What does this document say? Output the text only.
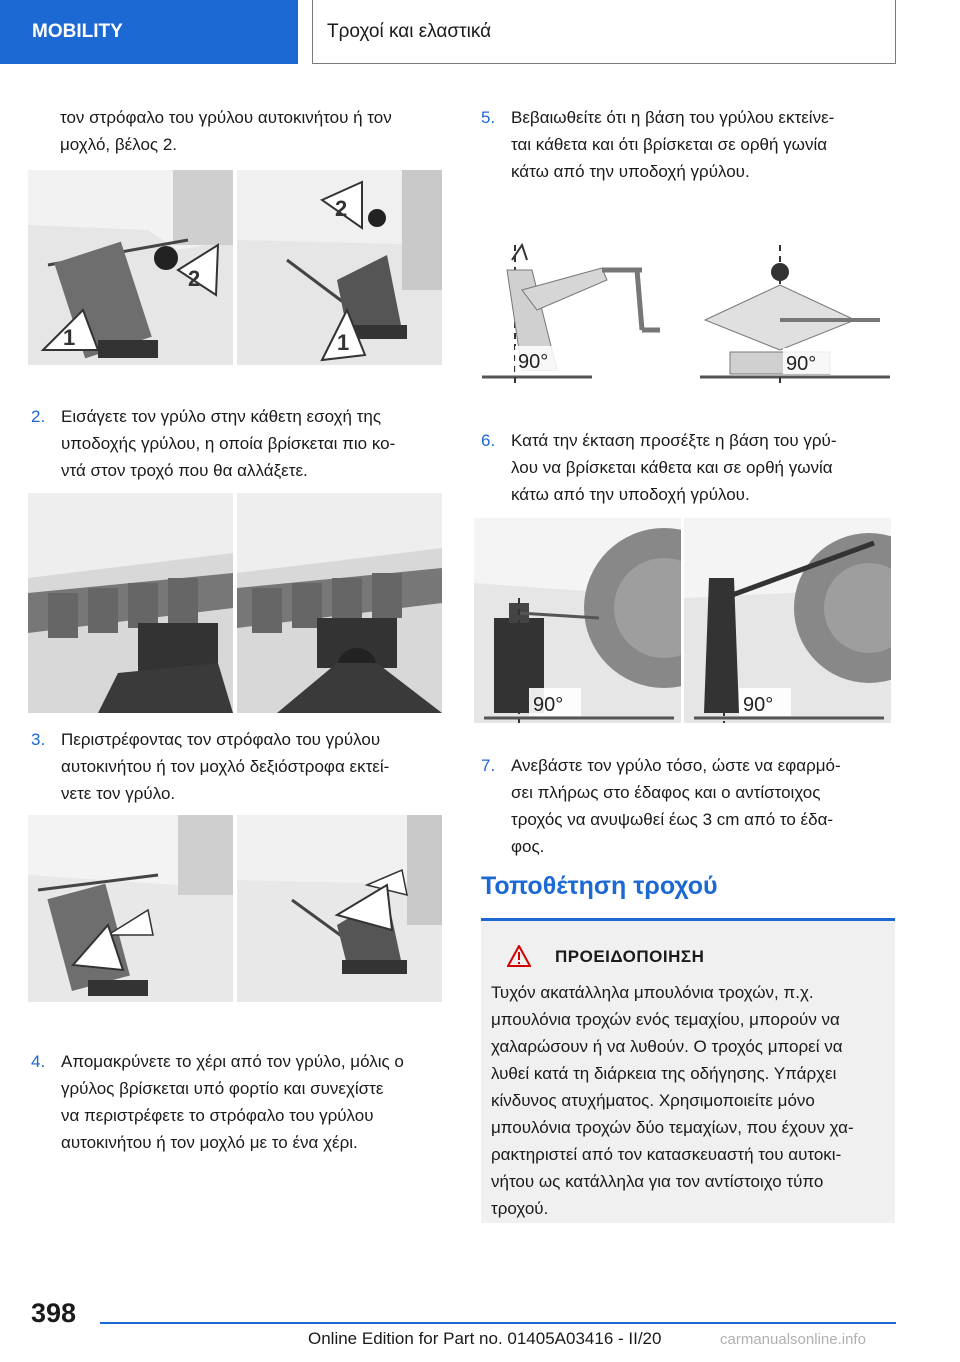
MOBILITY	Τροχοί και ελαστικά
τον στρόφαλο του γρύλου αυτοκινήτου ή τον
μοχλό, βέλος 2.
2
1
2
1
2. Εισάγετε τον γρύλο στην κάθετη εσοχή της
υποδοχής γρύλου, η οποία βρίσκεται πιο κο-
ντά στον τροχό που θα αλλάξετε.
3. Περιστρέφοντας τον στρόφαλο του γρύλου
αυτοκινήτου ή τον μοχλό δεξιόστροφα εκτεί-
νετε τον γρύλο.
4. Απομακρύνετε το χέρι από τον γρύλο, μόλις ο
γρύλος βρίσκεται υπό φορτίο και συνεχίστε
να περιστρέφετε το στρόφαλο του γρύλου
αυτοκινήτου ή τον μοχλό με το ένα χέρι.
5. Βεβαιωθείτε ότι η βάση του γρύλου εκτείνε-
ται κάθετα και ότι βρίσκεται σε ορθή γωνία
κάτω από την υποδοχή γρύλου.
90°	90°
6. Κατά την έκταση προσέξτε η βάση του γρύ-
λου να βρίσκεται κάθετα και σε ορθή γωνία
κάτω από την υποδοχή γρύλου.
90°	90°
7. Ανεβάστε τον γρύλο τόσο, ώστε να εφαρμό-
σει πλήρως στο έδαφος και ο αντίστοιχος
τροχός να ανυψωθεί έως 3 cm από το έδα-
φος.
Τοποθέτηση τροχού
ΠΡΟΕΙΔΟΠΟΙΗΣΗ
Τυχόν ακατάλληλα μπουλόνια τροχών, π.χ.
μπουλόνια τροχών ενός τεμαχίου, μπορούν να
χαλαρώσουν ή να λυθούν. Ο τροχός μπορεί να
λυθεί κατά τη διάρκεια της οδήγησης. Υπάρχει
κίνδυνος ατυχήματος. Χρησιμοποιείτε μόνο
μπουλόνια τροχών δύο τεμαχίων, που έχουν χα-
ρακτηριστεί από τον κατασκευαστή του αυτοκι-
νήτου ως κατάλληλα για τον αντίστοιχο τύπο
τροχού.
398
Online Edition for Part no. 01405A03416 - II/20	carmanualsonline.info
